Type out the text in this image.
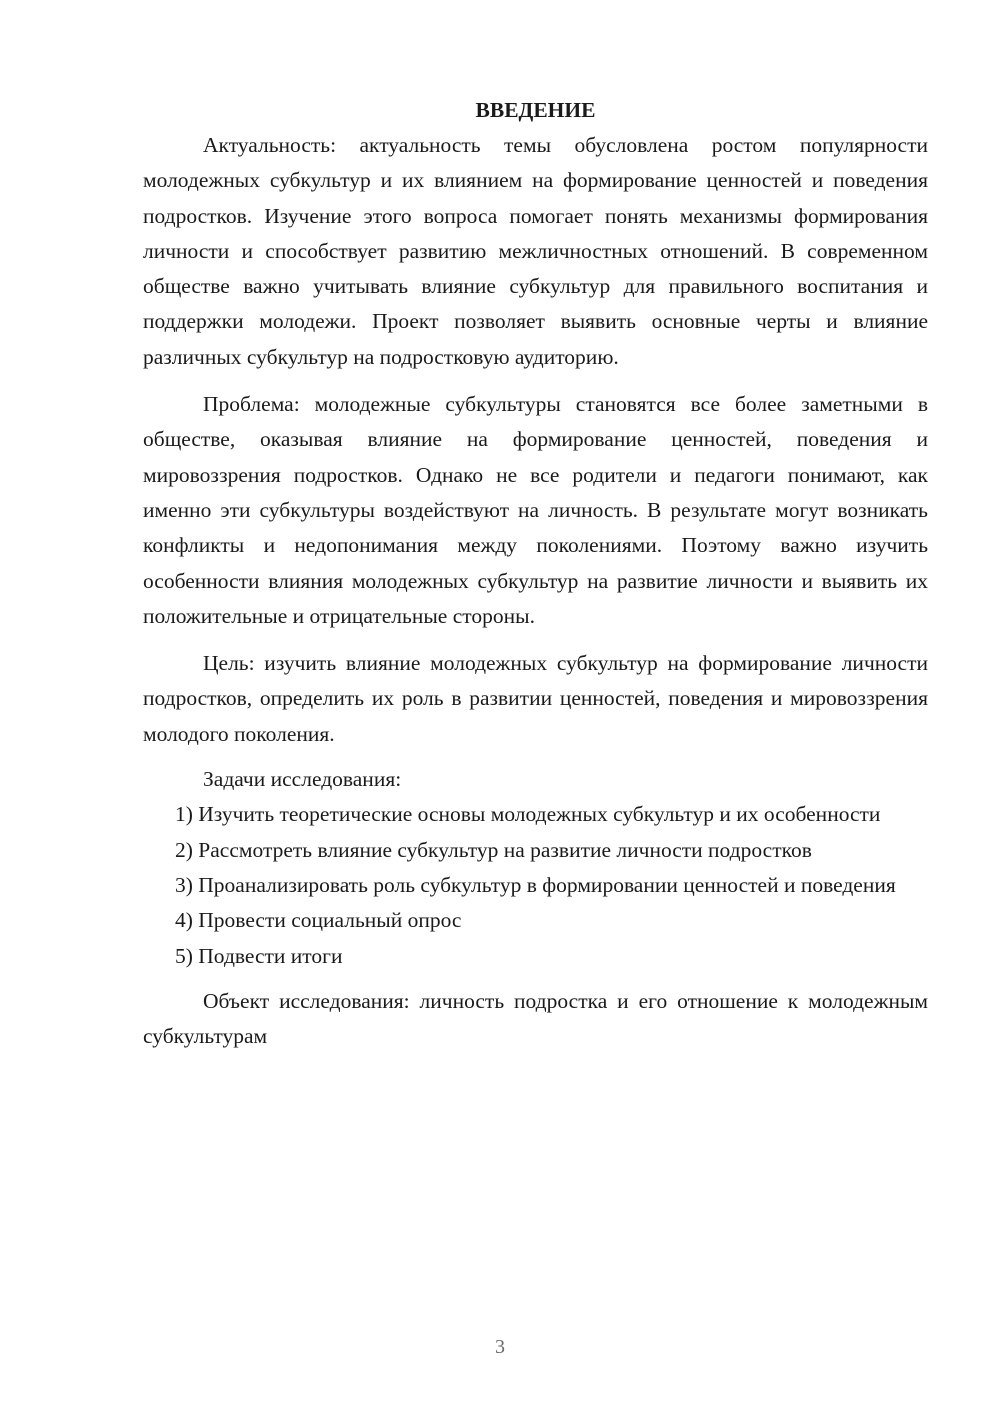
ВВЕДЕНИЕ

Актуальность: актуальность темы обусловлена ростом популярности молодежных субкультур и их влиянием на формирование ценностей и поведения подростков. Изучение этого вопроса помогает понять механизмы формирования личности и способствует развитию межличностных отношений. В современном обществе важно учитывать влияние субкультур для правильного воспитания и поддержки молодежи. Проект позволяет выявить основные черты и влияние различных субкультур на подростковую аудиторию.

Проблема: молодежные субкультуры становятся все более заметными в обществе, оказывая влияние на формирование ценностей, поведения и мировоззрения подростков. Однако не все родители и педагоги понимают, как именно эти субкультуры воздействуют на личность. В результате могут возникать конфликты и недопонимания между поколениями. Поэтому важно изучить особенности влияния молодежных субкультур на развитие личности и выявить их положительные и отрицательные стороны.

Цель: изучить влияние молодежных субкультур на формирование личности подростков, определить их роль в развитии ценностей, поведения и мировоззрения молодого поколения.

Задачи исследования:

1) Изучить теоретические основы молодежных субкультур и их особенности

2) Рассмотреть влияние субкультур на развитие личности подростков

3) Проанализировать роль субкультур в формировании ценностей и поведения

4) Провести социальный опрос

5) Подвести итоги

Объект исследования: личность подростка и его отношение к молодежным субкультурам

3
